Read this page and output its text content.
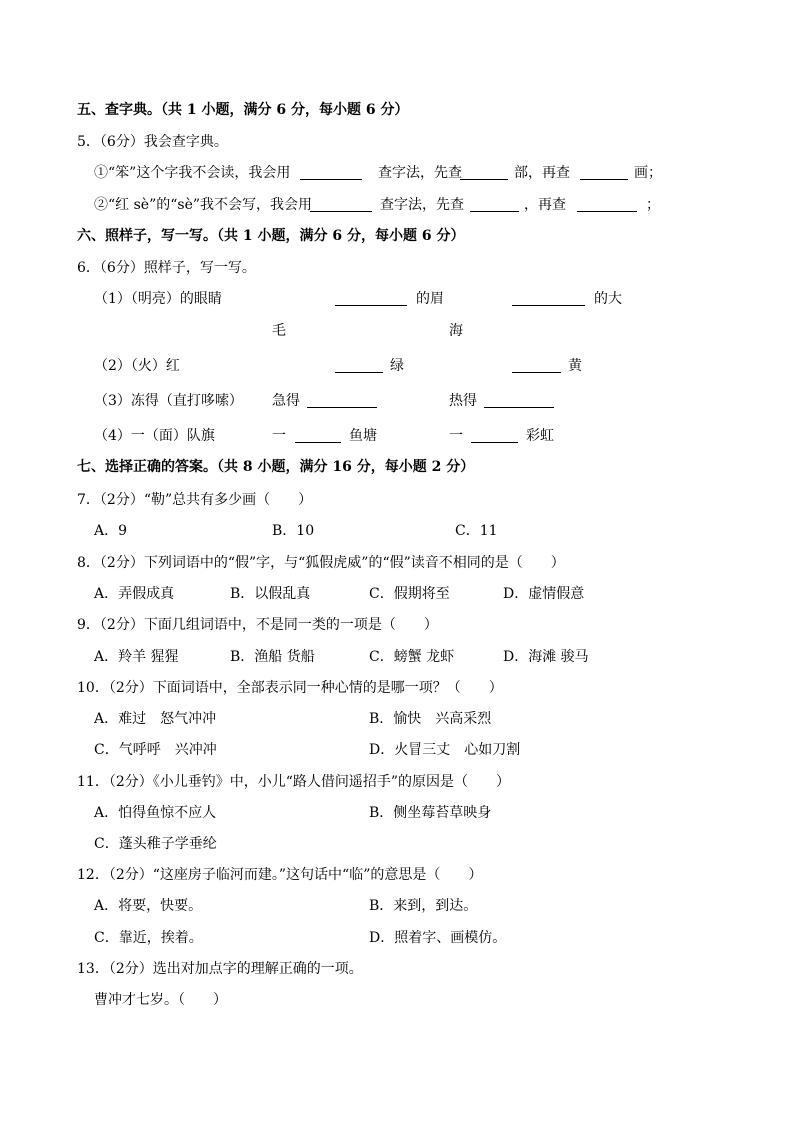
五、查字典。（共 1 小题，满分 6 分，每小题 6 分）
5．（6分）我会查字典。
①“笨”这个字我不会读，我会用	查字法，先查	部，再查	画；
②“红 sè”的“sè”我不会写，我会用	查字法，先查	，再查	；
六、照样子，写一写。（共 1 小题，满分 6 分，每小题 6 分）
6．（6分）照样子，写一写。
（1）（明亮）的眼睛	的眉	的大
毛	海
（2）（火）红	绿	黄
（3）冻得（直打哆嗦） 急得	热得
（4）一（面）队旗	一	鱼塘	一	彩虹
七、选择正确的答案。（共 8 小题，满分 16 分，每小题 2 分）
7．（2分）“勒”总共有多少画（　　）
A．9	B．10	C．11
8．（2分）下列词语中的“假”字，与“狐假虎威”的“假”读音不相同的是（　　）
A．弄假成真	B．以假乱真	C．假期将至	D．虚情假意
9．（2分）下面几组词语中，不是同一类的一项是（　　）
A．羚羊 猩猩	B．渔船 货船	C．螃蟹 龙虾	D．海滩 骏马
10．（2分）下面词语中，全部表示同一种心情的是哪一项？（　　）
A．难过　怒气冲冲	B．愉快　兴高采烈
C．气呼呼　兴冲冲	D．火冒三丈　心如刀割
11．（2分）《小儿垂钓》中，小儿“路人借问遥招手”的原因是（　　）
A．怕得鱼惊不应人	B．侧坐莓苔草映身
C．蓬头稚子学垂纶
12．（2分）“这座房子临河而建。”这句话中“临”的意思是（　　）
A．将要，快要。	B．来到，到达。
C．靠近，挨着。	D．照着字、画模仿。
13．（2分）选出对加点字的理解正确的一项。
曹冲才七岁。（　　）
